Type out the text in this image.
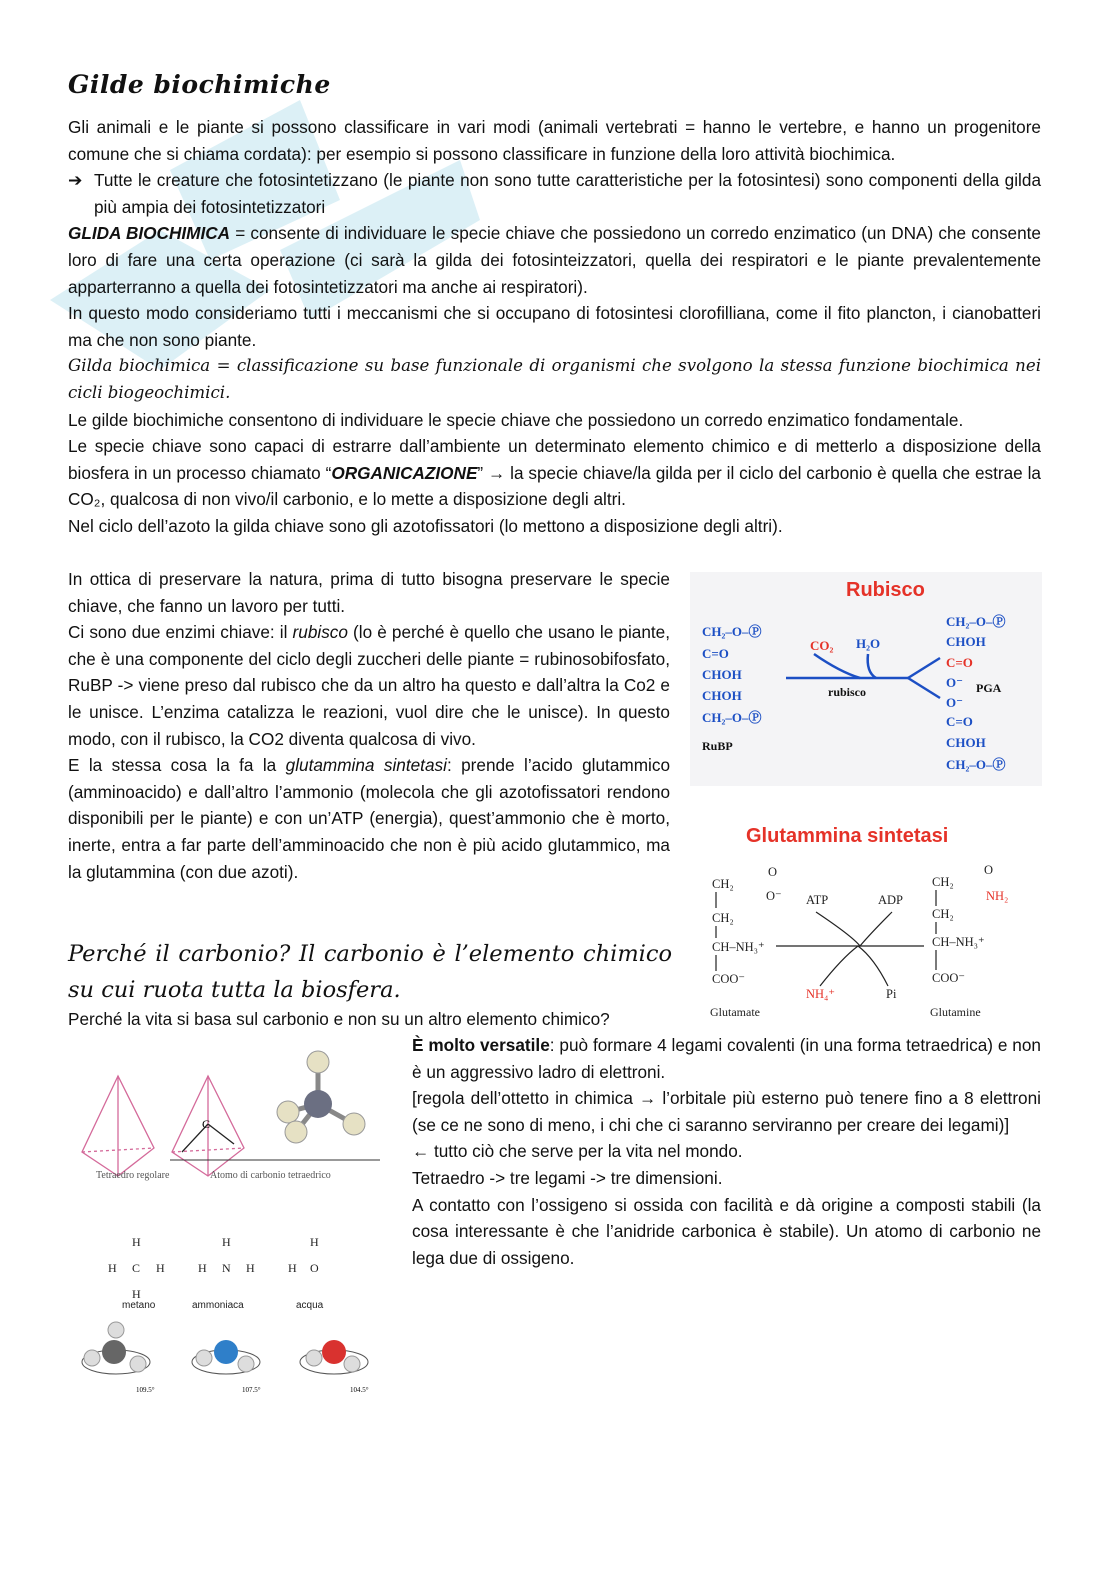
Gilde biochimiche
Gli animali e le piante si possono classificare in vari modi (animali vertebrati = hanno le vertebre, e hanno un progenitore comune che si chiama cordata): per esempio si possono classificare in funzione della loro attività biochimica.
➔ Tutte le creature che fotosintetizzano (le piante non sono tutte caratteristiche per la fotosintesi) sono componenti della gilda più ampia dei fotosintetizzatori
GLIDA BIOCHIMICA = consente di individuare le specie chiave che possiedono un corredo enzimatico (un DNA) che consente loro di fare una certa operazione (ci sarà la gilda dei fotosinteizzatori, quella dei respiratori e le piante prevalentemente apparterranno a quella dei fotosintetizzatori ma anche ai respiratori).
In questo modo consideriamo tutti i meccanismi che si occupano di fotosintesi clorofilliana, come il fito plancton, i cianobatteri ma che non sono piante.
Gilda biochimica = classificazione su base funzionale di organismi che svolgono la stessa funzione biochimica nei cicli biogeochimici.
Le gilde biochimiche consentono di individuare le specie chiave che possiedono un corredo enzimatico fondamentale.
Le specie chiave sono capaci di estrarre dall’ambiente un determinato elemento chimico e di metterlo a disposizione della biosfera in un processo chiamato “ORGANICAZIONE” → la specie chiave/la gilda per il ciclo del carbonio è quella che estrae la CO₂, qualcosa di non vivo/il carbonio, e lo mette a disposizione degli altri.
Nel ciclo dell’azoto la gilda chiave sono gli azotofissatori (lo mettono a disposizione degli altri).
In ottica di preservare la natura, prima di tutto bisogna preservare le specie chiave, che fanno un lavoro per tutti.
Ci sono due enzimi chiave: il rubisco (lo è perché è quello che usano le piante, che è una componente del ciclo degli zuccheri delle piante = rubinosobifosfato, RuBP -> viene preso dal rubisco che da un altro ha questo e dall’altra la Co2 e le unisce. L’enzima catalizza le reazioni, vuol dire che le unisce). In questo modo, con il rubisco, la CO2 diventa qualcosa di vivo.
E la stessa cosa la fa la glutammina sintetasi: prende l’acido glutammico (amminoacido) e dall’altro l’ammonio (molecola che gli azotofissatori rendono disponibili per le piante) e con un’ATP (energia), quest’ammonio che è morto, inerte, entra a far parte dell’amminoacido che non è più acido glutammico, ma la glutammina (con due azoti).
Perché il carbonio? Il carbonio è l’elemento chimico su cui ruota tutta la biosfera.
Perché la vita si basa sul carbonio e non su un altro elemento chimico?
È molto versatile: può formare 4 legami covalenti (in una forma tetraedrica) e non è un aggressivo ladro di elettroni.
[regola dell’ottetto in chimica → l’orbitale più esterno può tenere fino a 8 elettroni (se ce ne sono di meno, i chi che ci saranno serviranno per creare dei legami)]
← tutto ciò che serve per la vita nel mondo.
Tetraedro -> tre legami -> tre dimensioni.
A contatto con l’ossigeno si ossida con facilità e dà origine a composti stabili (la cosa interessante è che l’anidride carbonica è stabile). Un atomo di carbonio ne lega due di ossigeno.
Rubisco
CH₂–O–Ⓟ
C=O
CHOH
CHOH
CH₂–O–Ⓟ
CH₂–O–Ⓟ
CHOH
C=O
O⁻
O⁻
C=O
CHOH
CH₂–O–Ⓟ
CO₂ H₂O
RuBP
rubisco	PGA
Glutammina sintetasi
CH₂
O
O⁻
CH₂
CH–NH₃⁺
COO⁻
Glutamate
ATP	ADP
NH₄⁺	Pi
CH₂
O
NH₂
CH₂
CH–NH₃⁺
COO⁻
Glutamine
C
Tetraedro regolare	Atomo di carbonio tetraedrico
H
H C H
H
H
H N H
H
H O
metano	ammoniaca	acqua
109.5°	107.5°	104.5°
